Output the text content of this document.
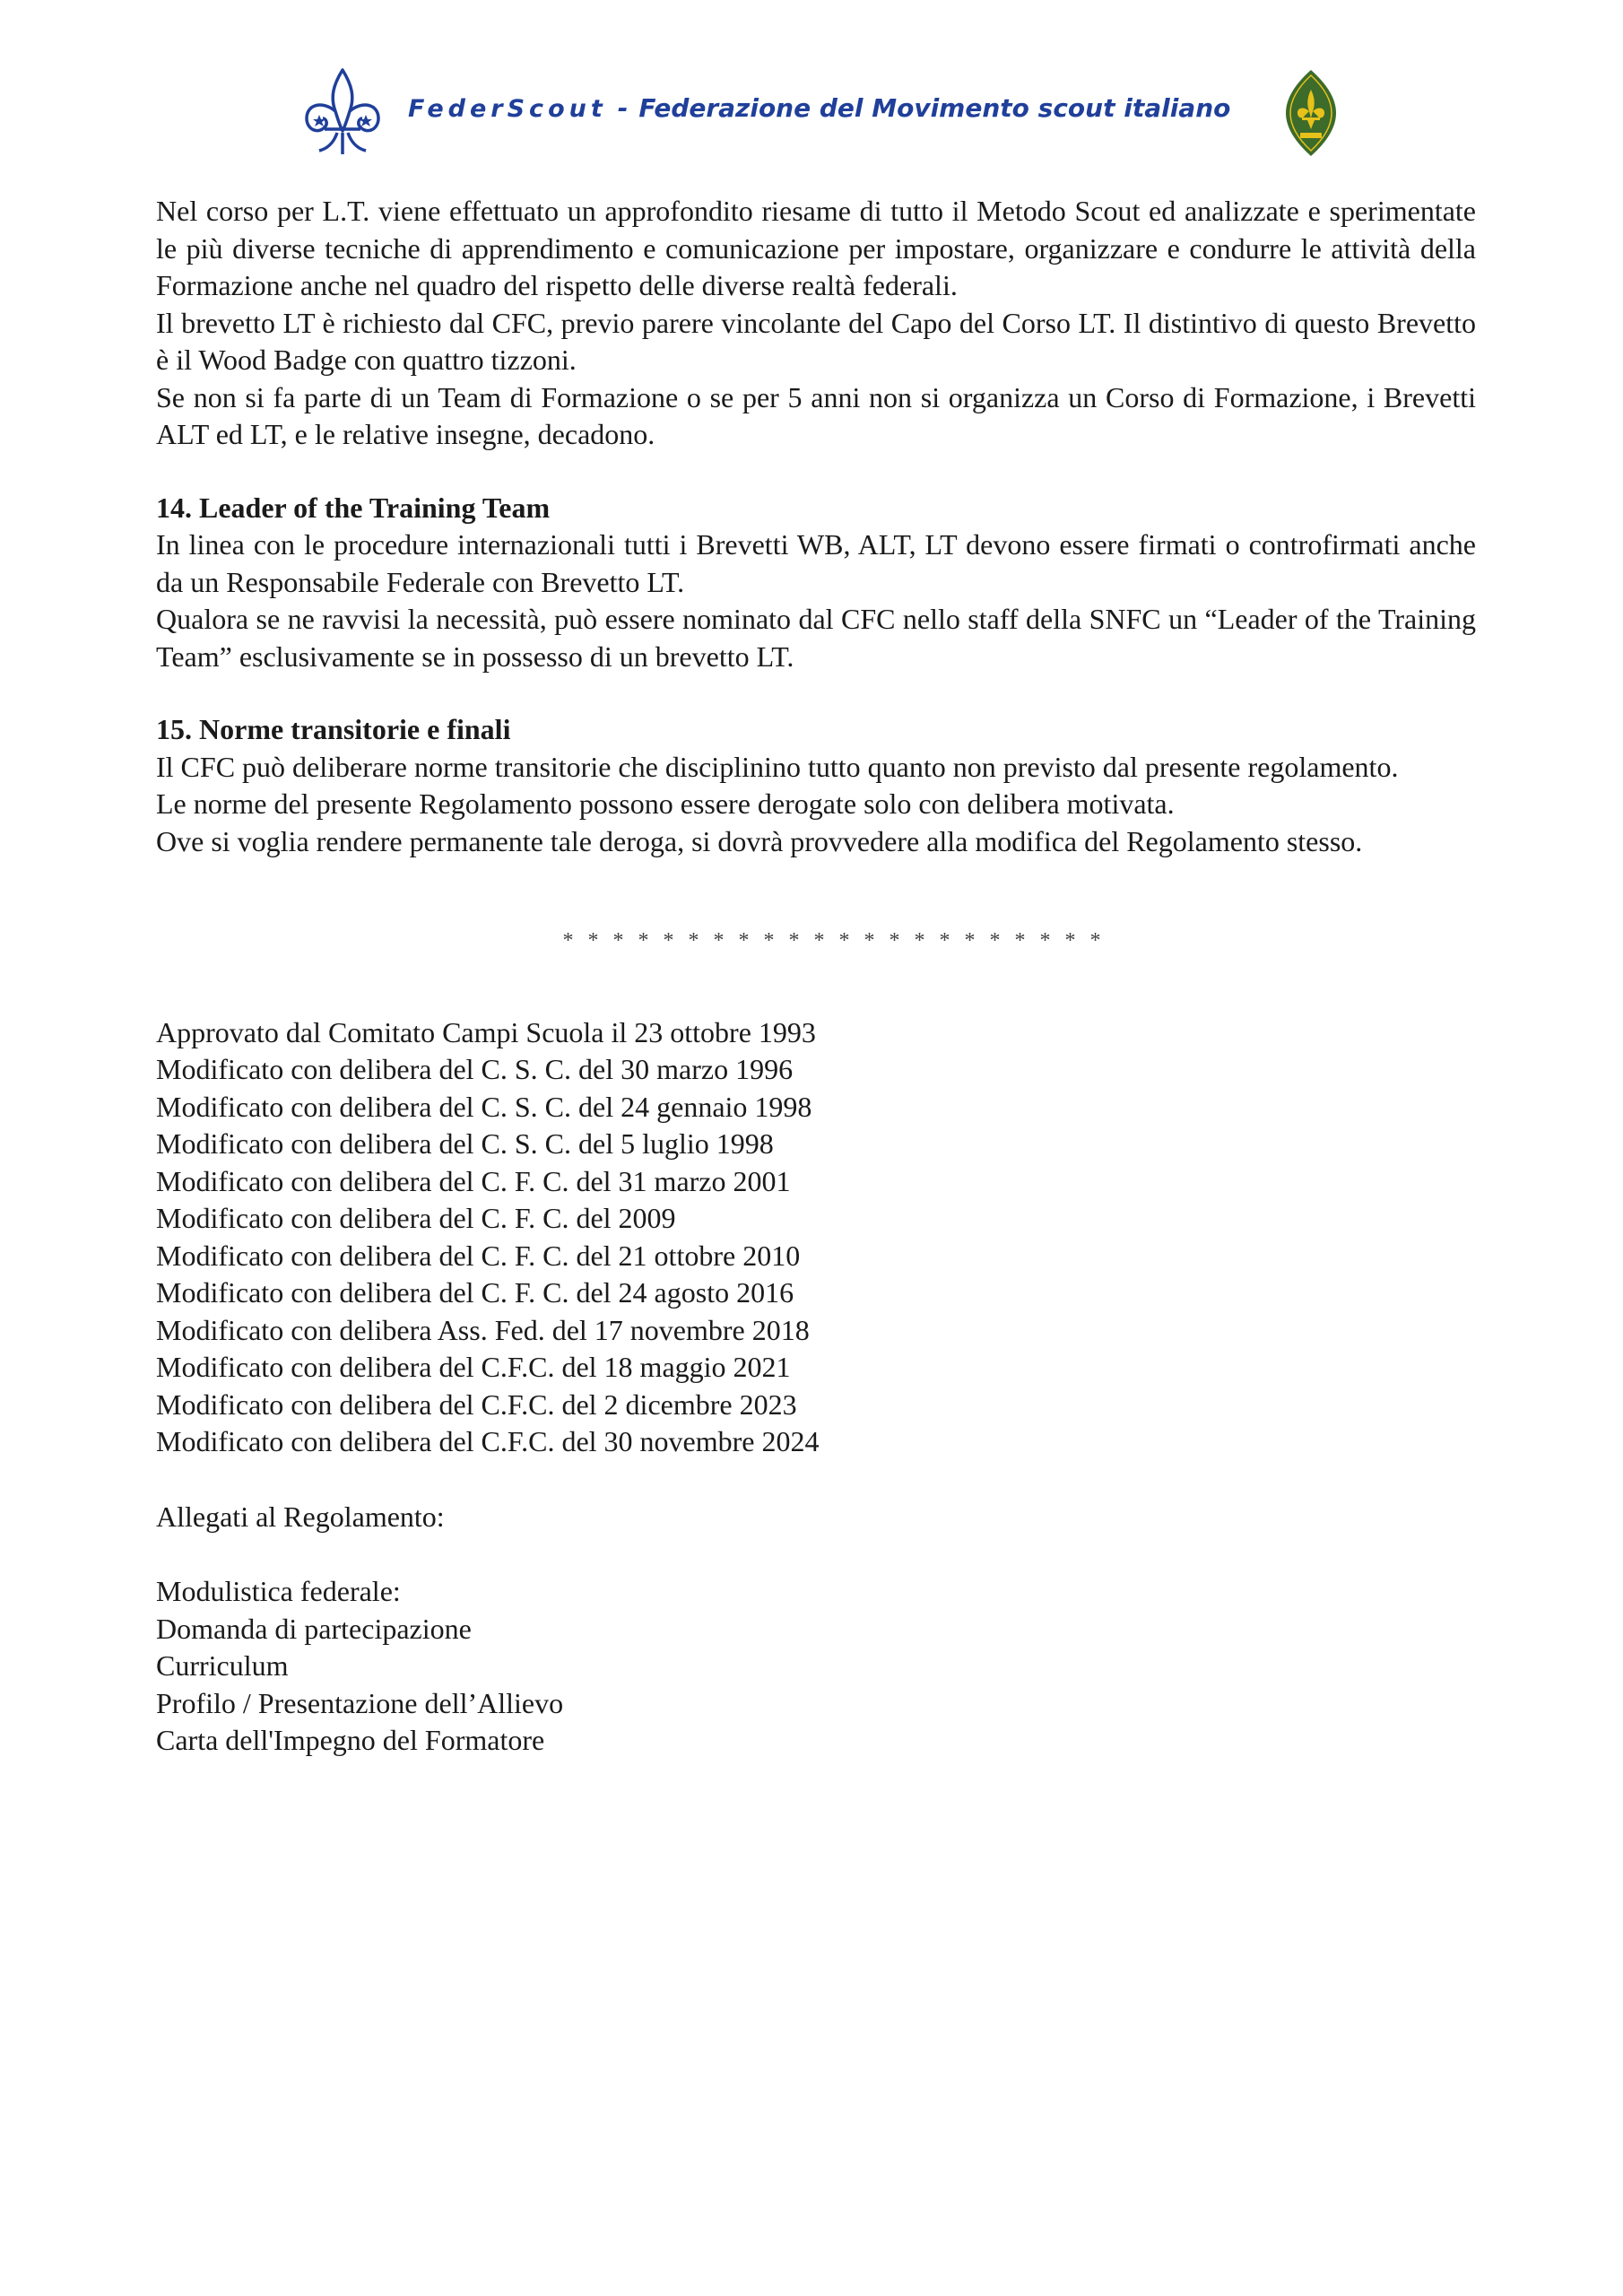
FederScout - Federazione del Movimento scout italiano

Nel corso per L.T. viene effettuato un approfondito riesame di tutto il Metodo Scout ed analizzate e sperimentate le più diverse tecniche di apprendimento e comunicazione per impostare, organizzare e condurre le attività della Formazione anche nel quadro del rispetto delle diverse realtà federali.

Il brevetto LT è richiesto dal CFC, previo parere vincolante del Capo del Corso LT. Il distintivo di questo Brevetto è il Wood Badge con quattro tizzoni.

Se non si fa parte di un Team di Formazione o se per 5 anni non si organizza un Corso di Formazione, i Brevetti ALT ed LT, e le relative insegne, decadono.

14. Leader of the Training Team

In linea con le procedure internazionali tutti i Brevetti WB, ALT, LT devono essere firmati o controfirmati anche da un Responsabile Federale con Brevetto LT.

Qualora se ne ravvisi la necessità, può essere nominato dal CFC nello staff della SNFC un “Leader of the Training Team” esclusivamente se in possesso di un brevetto LT.

15. Norme transitorie e finali

Il CFC può deliberare norme transitorie che disciplinino tutto quanto non previsto dal presente regolamento.

Le norme del presente Regolamento possono essere derogate solo con delibera motivata.

Ove si voglia rendere permanente tale deroga, si dovrà provvedere alla modifica del Regolamento stesso.

* * * * * * * * * * * * * * * * * * * * * *

Approvato dal Comitato Campi Scuola il 23 ottobre 1993

Modificato con delibera del C. S. C. del 30 marzo 1996

Modificato con delibera del C. S. C. del 24 gennaio 1998

Modificato con delibera del C. S. C. del 5 luglio 1998

Modificato con delibera del C. F. C. del 31 marzo 2001

Modificato con delibera del C. F. C. del 2009

Modificato con delibera del C. F. C. del 21 ottobre 2010

Modificato con delibera del C. F. C. del 24 agosto 2016

Modificato con delibera Ass. Fed. del 17 novembre 2018

Modificato con delibera del C.F.C. del 18 maggio 2021

Modificato con delibera del C.F.C. del 2 dicembre 2023

Modificato con delibera del C.F.C. del 30 novembre 2024

Allegati al Regolamento:

Modulistica federale:

Domanda di partecipazione

Curriculum

Profilo / Presentazione dell’Allievo

Carta dell'Impegno del Formatore
